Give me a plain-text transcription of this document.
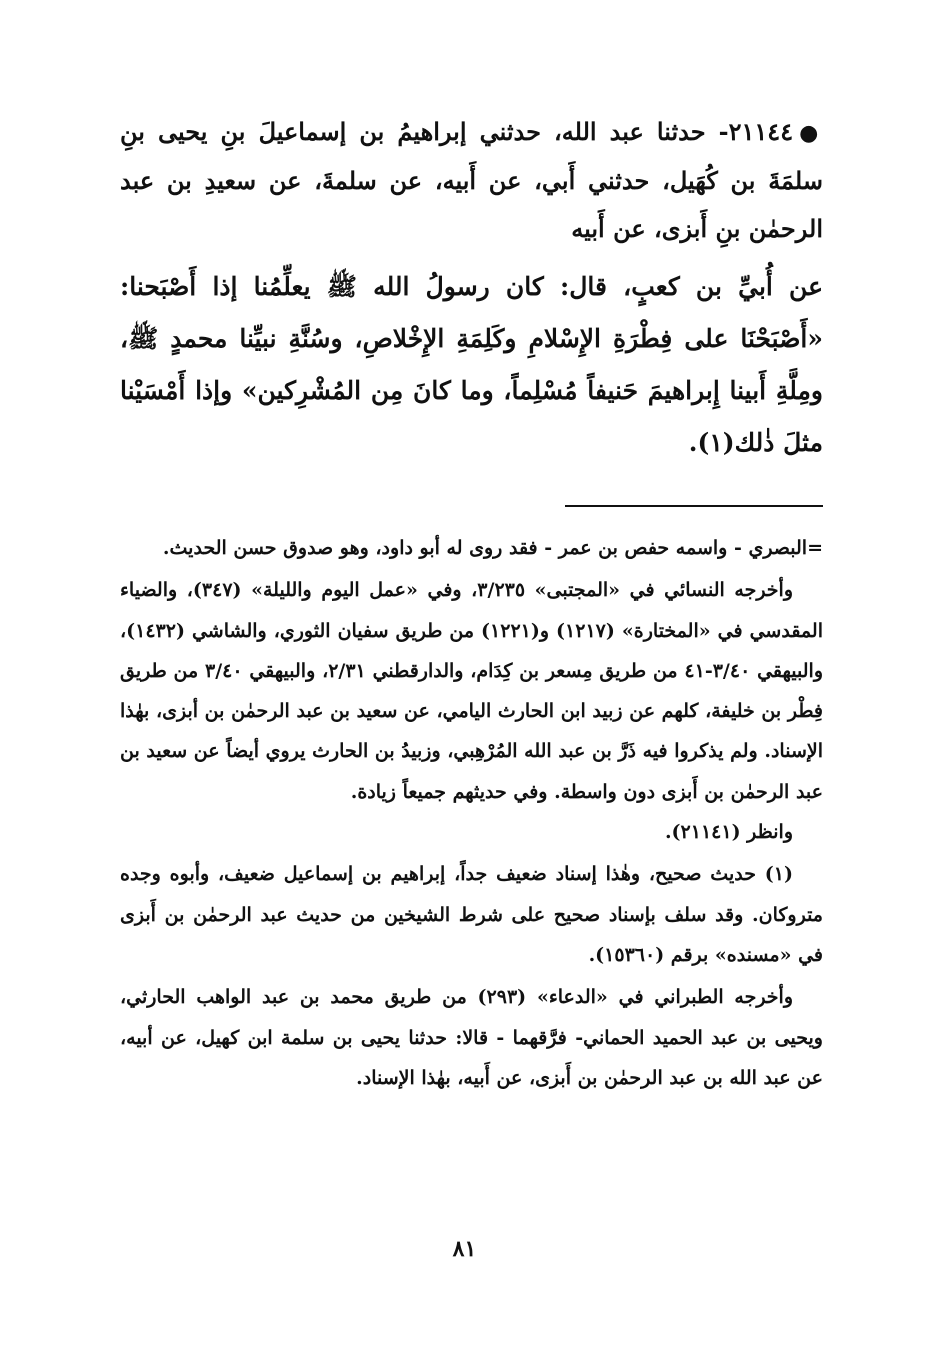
●٢١١٤٤- حدثنا عبد الله، حدثني إبراهيمُ بن إسماعيلَ بنِ يحيى بنِ سلمَةَ بن كُهَيل، حدثني أَبي، عن أَبيه، عن سلمةَ، عن سعيدِ بن عبد الرحمٰن بنِ أَبزى، عن أَبيه

عن أُبيِّ بن كعبٍ، قال: كان رسولُ الله ﷺ يعلِّمُنا إذا أَصْبَحنا: «أَصْبَحْنَا على فِطْرَةِ الإِسْلامِ وكَلِمَةِ الإِخْلاصِ، وسُنَّةِ نبيِّنا محمدٍ ﷺ، ومِلَّةِ أَبينا إِبراهيمَ حَنيفاً مُسْلِماً، وما كانَ مِن المُشْرِكين» وإذا أَمْسَيْنا مثلَ ذٰلك(١).

=البصري - واسمه حفص بن عمر - فقد روى له أبو داود، وهو صدوق حسن الحديث.

وأخرجه النسائي في «المجتبى» ٣/٢٣٥، وفي «عمل اليوم والليلة» (٣٤٧)، والضياء المقدسي في «المختارة» (١٢١٧) و(١٢٢١) من طريق سفيان الثوري، والشاشي (١٤٣٢)، والبيهقي ٣/٤٠-٤١ من طريق مِسعر بن كِدَام، والدارقطني ٢/٣١، والبيهقي ٣/٤٠ من طريق فِطْر بن خليفة، كلهم عن زبيد ابن الحارث اليامي، عن سعيد بن عبد الرحمٰن بن أبزى، بهٰذا الإسناد. ولم يذكروا فيه ذَرَّ بن عبد الله المُرْهِبي، وزبيدُ بن الحارث يروي أيضاً عن سعيد بن عبد الرحمٰن بن أَبزى دون واسطة. وفي حديثهم جميعاً زيادة.

وانظر (٢١١٤١).

(١) حديث صحيح، وهٰذا إسناد ضعيف جداً، إبراهيم بن إسماعيل ضعيف، وأبوه وجده متروكان. وقد سلف بإسناد صحيح على شرط الشيخين من حديث عبد الرحمٰن بن أَبزى في «مسنده» برقم (١٥٣٦٠).

وأخرجه الطبراني في «الدعاء» (٢٩٣) من طريق محمد بن عبد الواهب الحارثي، ويحيى بن عبد الحميد الحماني- فرَّقهما - قالا: حدثنا يحيى بن سلمة ابن كهيل، عن أبيه، عن عبد الله بن عبد الرحمٰن بن أَبزى، عن أَبيه، بهٰذا الإسناد.

٨١
